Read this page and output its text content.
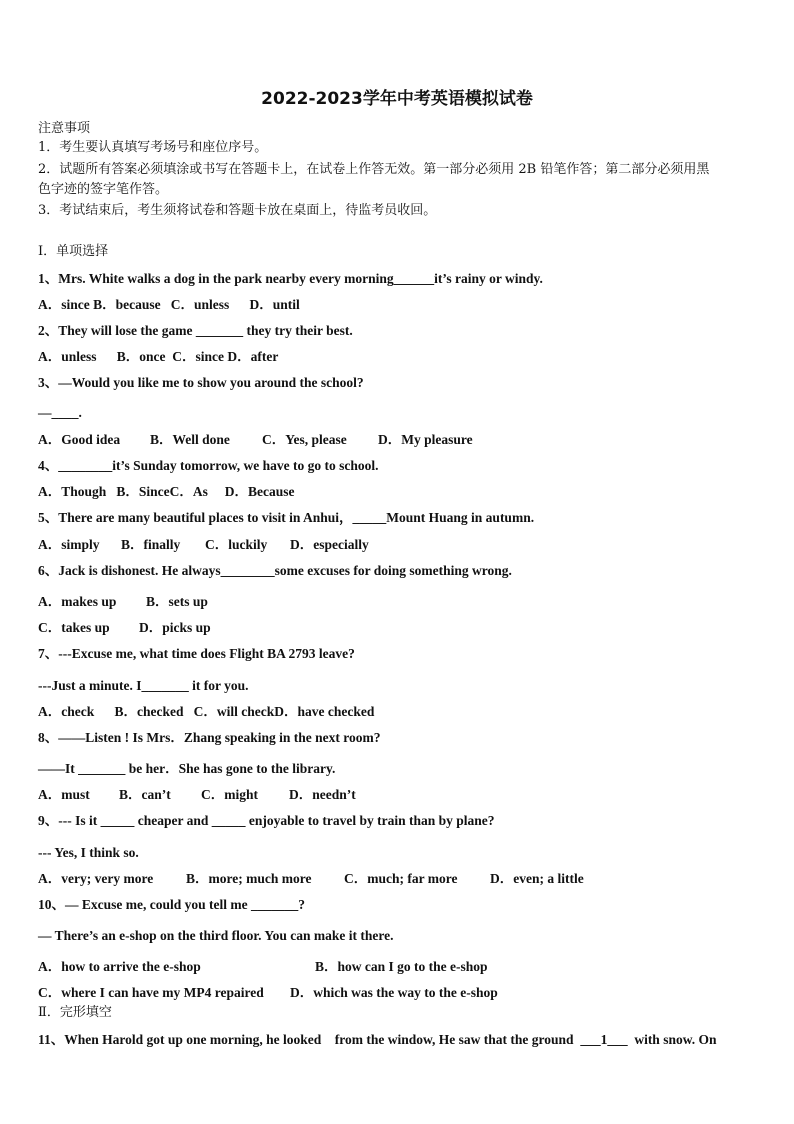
2022-2023学年中考英语模拟试卷
注意事项
1．考生要认真填写考场号和座位序号。
2．试题所有答案必须填涂或书写在答题卡上，在试卷上作答无效。第一部分必须用 2B 铅笔作答；第二部分必须用黑
色字迹的签字笔作答。
3．考试结束后，考生须将试卷和答题卡放在桌面上，待监考员收回。
Ⅰ．单项选择
1、Mrs. White walks a dog in the park nearby every morning______it’s rainy or windy.
A．since B．because   C．unless      D．until
2、They will lose the game _______ they try their best.
A．unless      B．once  C．since D．after
3、—Would you like me to show you around the school?
—____.
A．Good idea B．Well done C．Yes, please D．My pleasure
4、________it’s Sunday tomorrow, we have to go to school.
A．Though   B．SinceC．As     D．Because
5、There are many beautiful places to visit in Anhui，_____Mount Huang in autumn.
A．simply B．finally C．luckily D．especially
6、Jack is dishonest. He always________some excuses for doing something wrong.
A．makes up B．sets up
C．takes up D．picks up
7、---Excuse me, what time does Flight BA 2793 leave?
---Just a minute. I_______ it for you.
A．check      B．checked   C．will checkD．have checked
8、——Listen ! Is Mrs．Zhang speaking in the next room?
——It _______ be her．She has gone to the library.
A．must B．can’t C．might D．needn’t
9、--- Is it _____ cheaper and _____ enjoyable to travel by train than by plane?
--- Yes, I think so.
A．very; very more B．more; much more C．much; far more D．even; a little
10、— Excuse me, could you tell me _______?
— There’s an e-shop on the third floor. You can make it there.
A．how to arrive the e-shop	B．how can I go to the e-shop
C．where I can have my MP4 repaired D．which was the way to the e-shop
Ⅱ．完形填空
11、When Harold got up one morning, he looked    from the window, He saw that the ground  ___1___  with snow. On
